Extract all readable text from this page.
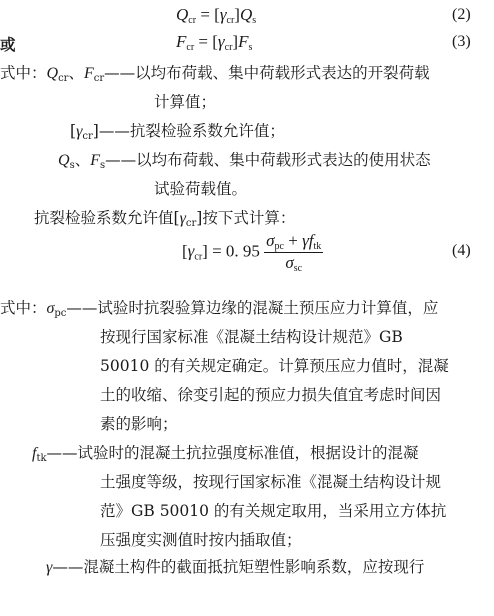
$Q_{cr} = [\gamma_{cr}]Q_s$	(2)
或	$F_{cr} = [\gamma_{cr}]F_s$	(3)
式中：$Q_{cr}$、$F_{cr}——$以均布荷载、集中荷载形式表达的开裂荷载
计算值；
$[\gamma_{cr}]——$抗裂检验系数允许值；
$Q_s$、$F_s——$以均布荷载、集中荷载形式表达的使用状态
试验荷载值。
抗裂检验系数允许值$[\gamma_{cr}]$按下式计算：
$[\gamma_{cr}] = 0$. $95 \frac{\sigma_{pc} + \gamma f_{tk}}{\sigma_{sc}}$	(4)
式中：$\sigma_{pc}——$试验时抗裂验算边缘的混凝土预压应力计算值，应
按现行国家标准《混凝土结构设计规范》GB
50010 的有关规定确定。计算预压应力值时，混凝
土的收缩、徐变引起的预应力损失值宜考虑时间因
素的影响；
$f_{tk}——$试验时的混凝土抗拉强度标准值，根据设计的混凝
土强度等级，按现行国家标准《混凝土结构设计规
范》GB 50010 的有关规定取用，当采用立方体抗
压强度实测值时按内插取值；
γ——混凝土构件的截面抵抗矩塑性影响系数，应按现行
